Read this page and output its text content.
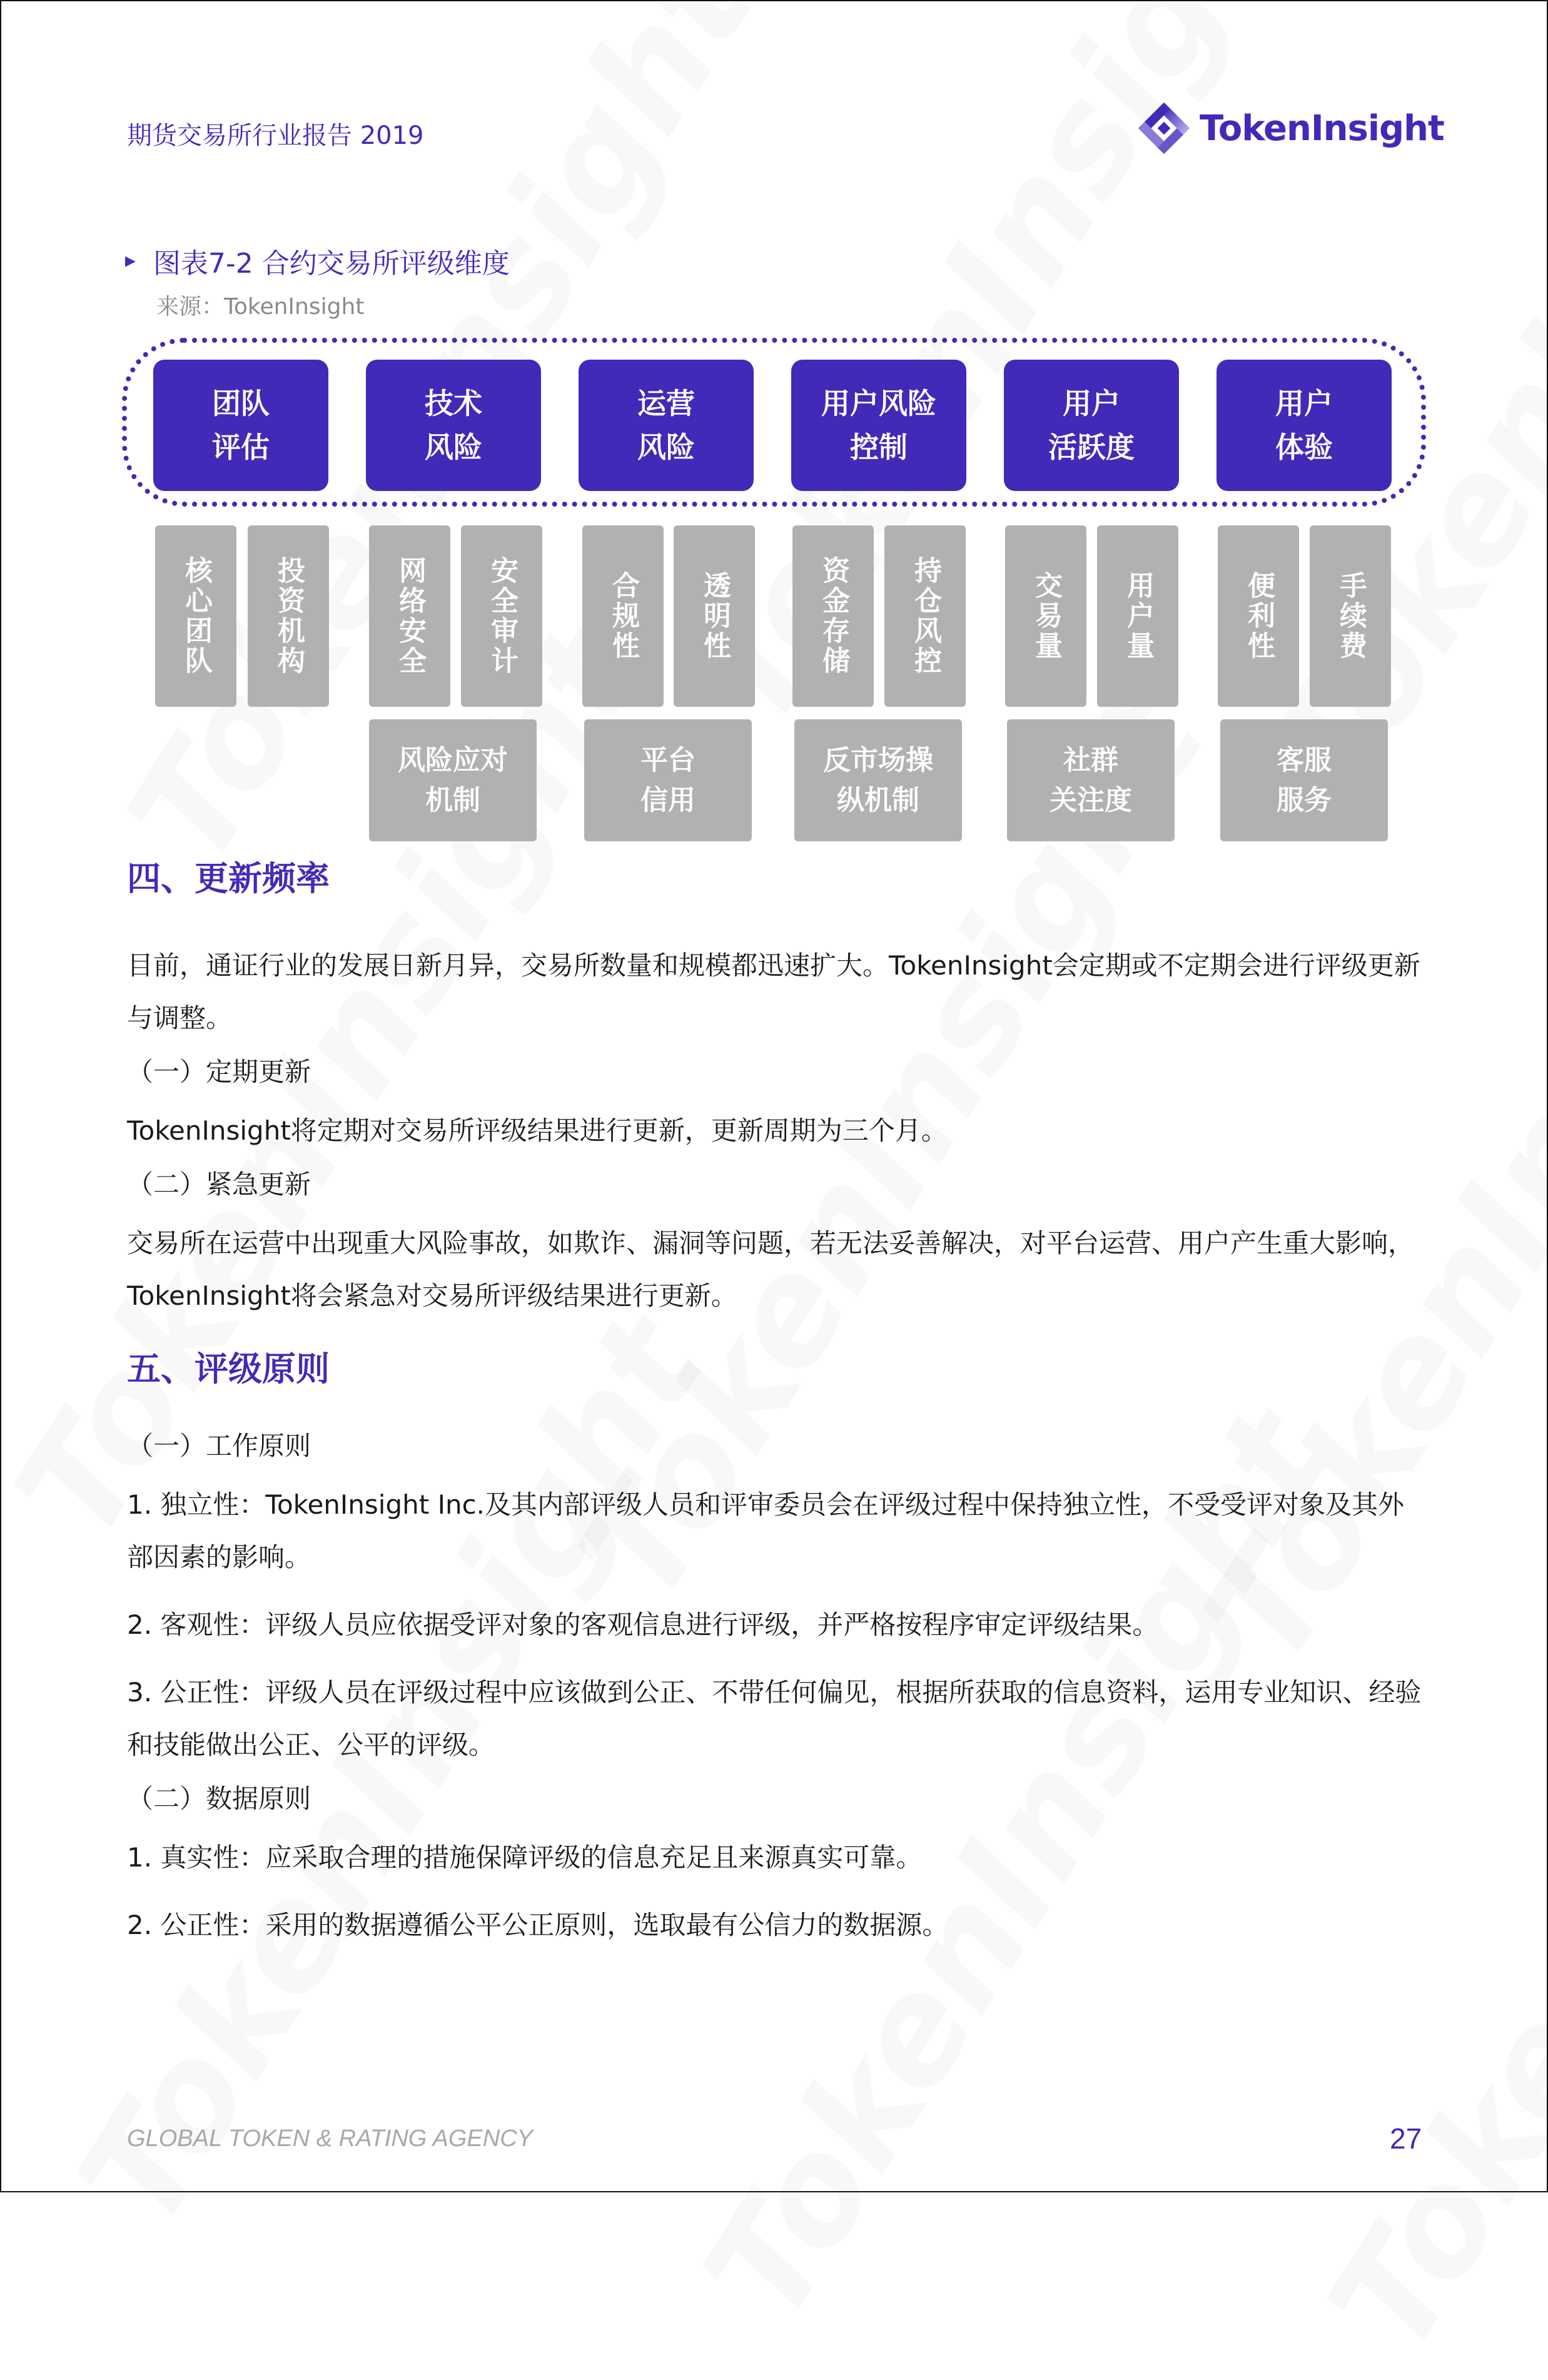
期货交易所行业报告 2019	TokenInsight
▶ 图表7-2 合约交易所评级维度
来源：TokenInsight
团队
评估
技术
风险
运营
风险
用户风险
控制
用户
活跃度
用户
体验
核心团队	投资机构	网络安全	安全审计	合规性	透明性	资金存储	持仓风控	交易量	用户量	便利性	手续费
风险应对
机制
平台
信用
反市场操
纵机制
社群
关注度
客服
服务
四、更新频率

目前，通证行业的发展日新月异，交易所数量和规模都迅速扩大。TokenInsight会定期或不定期会进行评级更新与调整。

（一）定期更新

TokenInsight将定期对交易所评级结果进行更新，更新周期为三个月。

（二）紧急更新

交易所在运营中出现重大风险事故，如欺诈、漏洞等问题，若无法妥善解决，对平台运营、用户产生重大影响，TokenInsight将会紧急对交易所评级结果进行更新。

五、评级原则

（一）工作原则

1. 独立性：TokenInsight Inc.及其内部评级人员和评审委员会在评级过程中保持独立性，不受受评对象及其外部因素的影响。

2. 客观性：评级人员应依据受评对象的客观信息进行评级，并严格按程序审定评级结果。

3. 公正性：评级人员在评级过程中应该做到公正、不带任何偏见，根据所获取的信息资料，运用专业知识、经验和技能做出公正、公平的评级。

（二）数据原则

1. 真实性：应采取合理的措施保障评级的信息充足且来源真实可靠。

2. 公正性：采用的数据遵循公平公正原则，选取最有公信力的数据源。

GLOBAL TOKEN & RATING AGENCY	27
